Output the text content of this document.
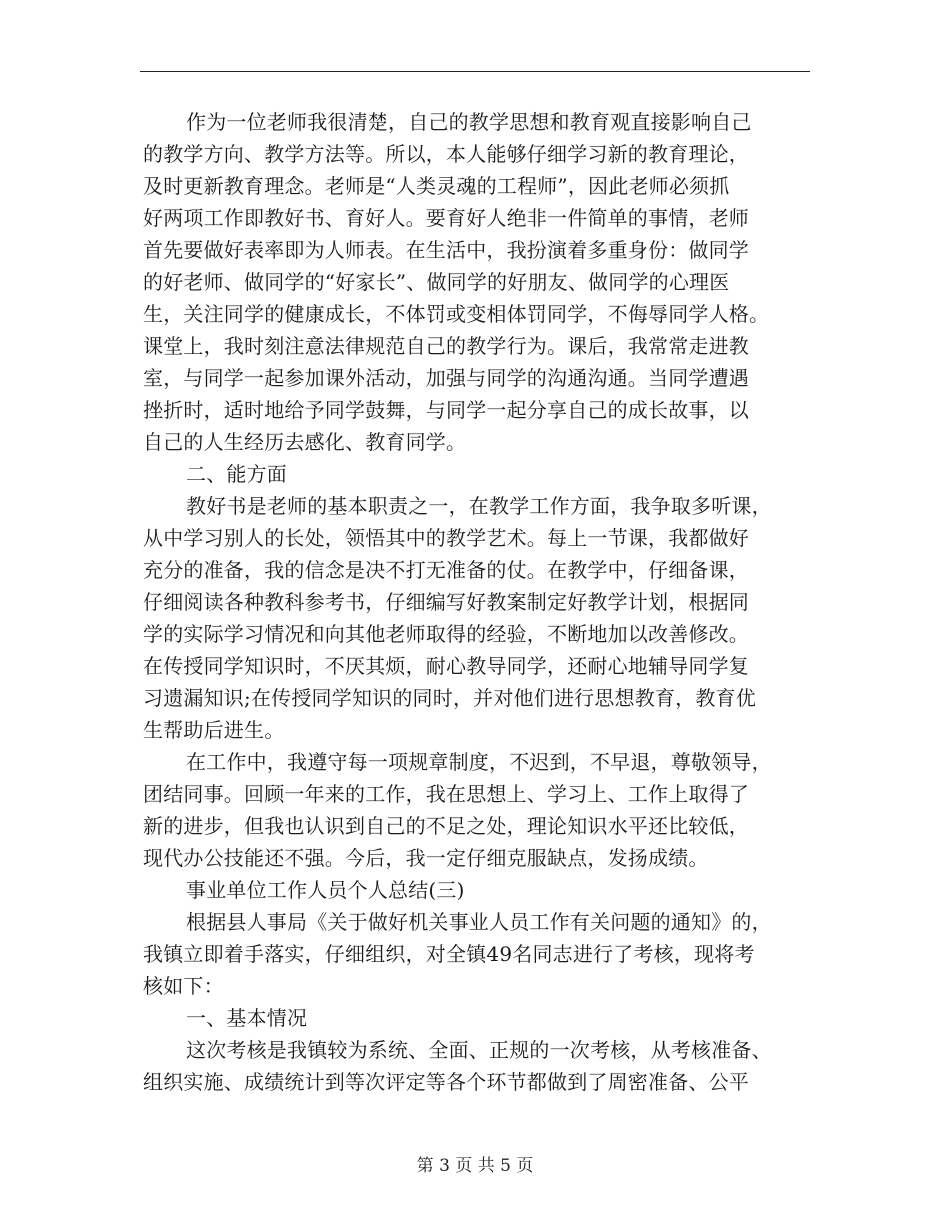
作为一位老师我很清楚，自己的教学思想和教育观直接影响自己
的教学方向、教学方法等。所以，本人能够仔细学习新的教育理论，
及时更新教育理念。老师是“人类灵魂的工程师”，因此老师必须抓
好两项工作即教好书、育好人。要育好人绝非一件简单的事情，老师
首先要做好表率即为人师表。在生活中，我扮演着多重身份：做同学
的好老师、做同学的“好家长”、做同学的好朋友、做同学的心理医
生，关注同学的健康成长，不体罚或变相体罚同学，不侮辱同学人格。
课堂上，我时刻注意法律规范自己的教学行为。课后，我常常走进教
室，与同学一起参加课外活动，加强与同学的沟通沟通。当同学遭遇
挫折时，适时地给予同学鼓舞，与同学一起分享自己的成长故事，以
自己的人生经历去感化、教育同学。
二、能方面
教好书是老师的基本职责之一，在教学工作方面，我争取多听课，
从中学习别人的长处，领悟其中的教学艺术。每上一节课，我都做好
充分的准备，我的信念是决不打无准备的仗。在教学中，仔细备课，
仔细阅读各种教科参考书，仔细编写好教案制定好教学计划，根据同
学的实际学习情况和向其他老师取得的经验，不断地加以改善修改。
在传授同学知识时，不厌其烦，耐心教导同学，还耐心地辅导同学复
习遗漏知识;在传授同学知识的同时，并对他们进行思想教育，教育优
生帮助后进生。
在工作中，我遵守每一项规章制度，不迟到，不早退，尊敬领导，
团结同事。回顾一年来的工作，我在思想上、学习上、工作上取得了
新的进步，但我也认识到自己的不足之处，理论知识水平还比较低，
现代办公技能还不强。今后，我一定仔细克服缺点，发扬成绩。
事业单位工作人员个人总结(三)
根据县人事局《关于做好机关事业人员工作有关问题的通知》的，
我镇立即着手落实，仔细组织，对全镇49名同志进行了考核，现将考
核如下：
一、基本情况
这次考核是我镇较为系统、全面、正规的一次考核，从考核准备、
组织实施、成绩统计到等次评定等各个环节都做到了周密准备、公平
第 3 页 共 5 页
